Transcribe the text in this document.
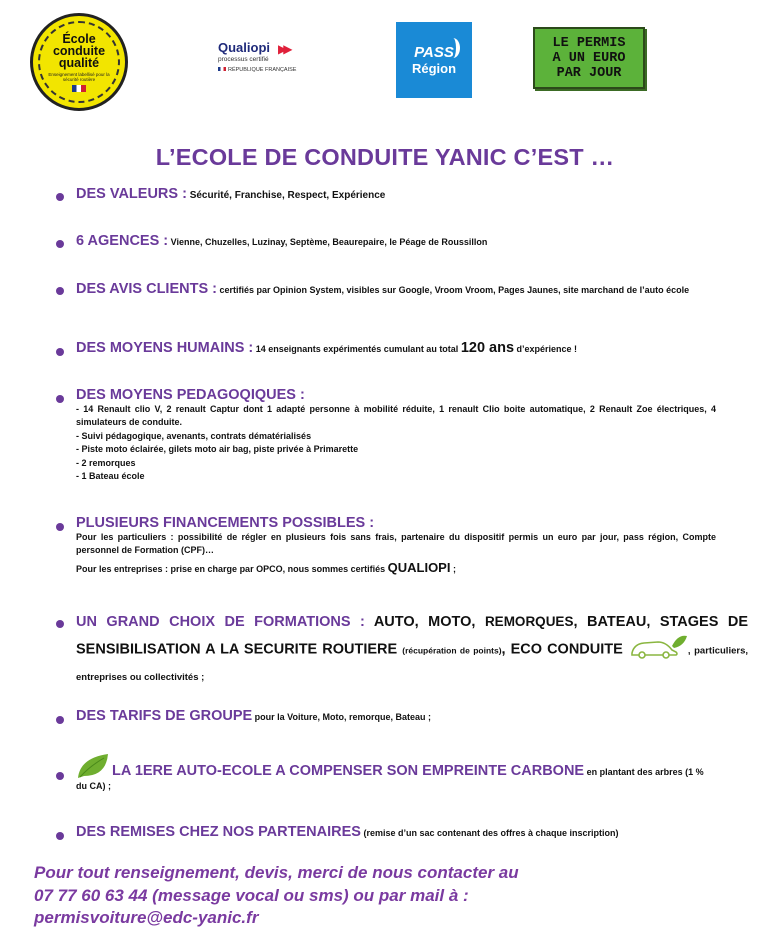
École
conduite
qualité
Enseignement labellisé pour la sécurité routière
Qualiopi ▶▶
processus certifié
RÉPUBLIQUE FRANÇAISE
PASS
Région
LE PERMIS
A UN EURO
PAR JOUR
L’ECOLE DE CONDUITE YANIC C’EST …
DES VALEURS : Sécurité, Franchise, Respect, Expérience
6 AGENCES : Vienne, Chuzelles, Luzinay, Septème, Beaurepaire, le Péage de Roussillon
DES AVIS CLIENTS : certifiés par Opinion System, visibles sur Google, Vroom Vroom, Pages Jaunes, site marchand de l’auto école
DES MOYENS HUMAINS : 14 enseignants expérimentés cumulant au total 120 ans d’expérience !
DES MOYENS PEDAGOQIQUES :
- 14 Renault clio V, 2 renault Captur dont 1 adapté personne à mobilité réduite, 1 renault Clio boite automatique, 2 Renault Zoe électriques, 4 simulateurs de conduite.
- Suivi pédagogique, avenants, contrats dématérialisés
- Piste moto éclairée, gilets moto air bag, piste privée à Primarette
- 2 remorques
- 1 Bateau école
PLUSIEURS FINANCEMENTS POSSIBLES :
Pour les particuliers : possibilité de régler en plusieurs fois sans frais, partenaire du dispositif permis un euro par jour, pass région, Compte personnel de Formation (CPF)…
Pour les entreprises : prise en charge par OPCO, nous sommes certifiés QUALIOPI ;
UN GRAND CHOIX DE FORMATIONS : AUTO, MOTO, REMORQUES, BATEAU, STAGES DE SENSIBILISATION A LA SECURITE ROUTIERE (récupération de points), ECO CONDUITE	, particuliers, entreprises ou collectivités ;
DES TARIFS DE GROUPE pour la Voiture, Moto, remorque, Bateau ;
LA 1ERE AUTO-ECOLE A COMPENSER SON EMPREINTE CARBONE en plantant des arbres (1 % du CA) ;
DES REMISES CHEZ NOS PARTENAIRES (remise d’un sac contenant des offres à chaque inscription)
Pour tout renseignement, devis, merci de nous contacter au
07 77 60 63 44 (message vocal ou sms) ou par mail à :
permisvoiture@edc-yanic.fr
